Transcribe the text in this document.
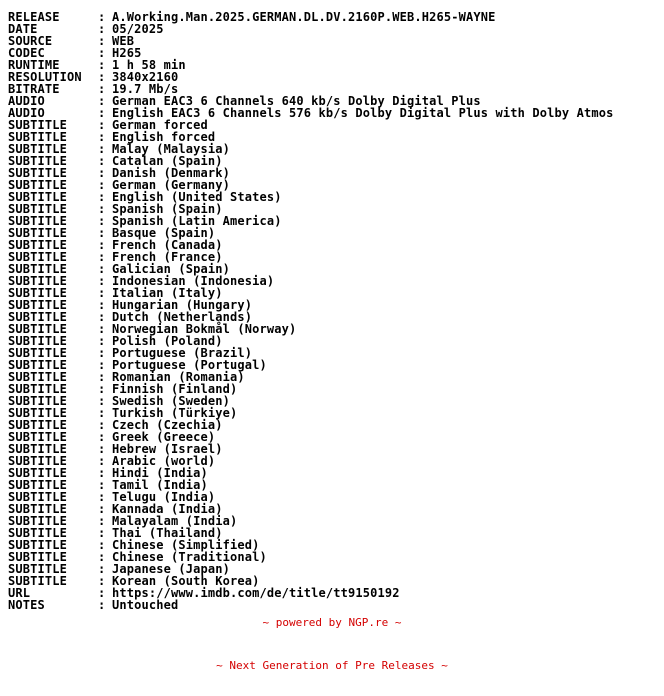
RELEASE	: A.Working.Man.2025.GERMAN.DL.DV.2160P.WEB.H265-WAYNE
DATE	: 05/2025
SOURCE	: WEB
CODEC	: H265
RUNTIME	: 1 h 58 min
RESOLUTION	: 3840x2160
BITRATE	: 19.7 Mb/s
AUDIO	: German EAC3 6 Channels 640 kb/s Dolby Digital Plus
AUDIO	: English EAC3 6 Channels 576 kb/s Dolby Digital Plus with Dolby Atmos
SUBTITLE	: German forced
SUBTITLE	: English forced
SUBTITLE	: Malay (Malaysia)
SUBTITLE	: Catalan (Spain)
SUBTITLE	: Danish (Denmark)
SUBTITLE	: German (Germany)
SUBTITLE	: English (United States)
SUBTITLE	: Spanish (Spain)
SUBTITLE	: Spanish (Latin America)
SUBTITLE	: Basque (Spain)
SUBTITLE	: French (Canada)
SUBTITLE	: French (France)
SUBTITLE	: Galician (Spain)
SUBTITLE	: Indonesian (Indonesia)
SUBTITLE	: Italian (Italy)
SUBTITLE	: Hungarian (Hungary)
SUBTITLE	: Dutch (Netherlands)
SUBTITLE	: Norwegian Bokmål (Norway)
SUBTITLE	: Polish (Poland)
SUBTITLE	: Portuguese (Brazil)
SUBTITLE	: Portuguese (Portugal)
SUBTITLE	: Romanian (Romania)
SUBTITLE	: Finnish (Finland)
SUBTITLE	: Swedish (Sweden)
SUBTITLE	: Turkish (Türkiye)
SUBTITLE	: Czech (Czechia)
SUBTITLE	: Greek (Greece)
SUBTITLE	: Hebrew (Israel)
SUBTITLE	: Arabic (world)
SUBTITLE	: Hindi (India)
SUBTITLE	: Tamil (India)
SUBTITLE	: Telugu (India)
SUBTITLE	: Kannada (India)
SUBTITLE	: Malayalam (India)
SUBTITLE	: Thai (Thailand)
SUBTITLE	: Chinese (Simplified)
SUBTITLE	: Chinese (Traditional)
SUBTITLE	: Japanese (Japan)
SUBTITLE	: Korean (South Korea)
URL	: https://www.imdb.com/de/title/tt9150192
NOTES	: Untouched
~ powered by NGP.re ~
~ Next Generation of Pre Releases ~
